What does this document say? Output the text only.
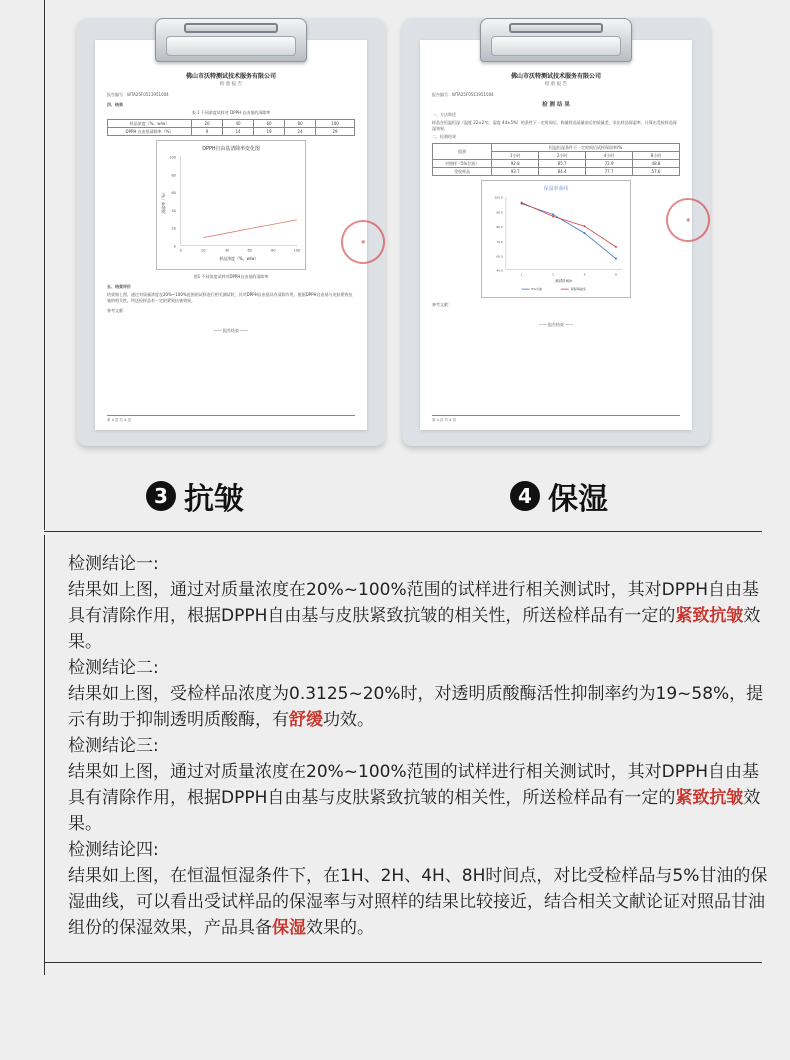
佛山市沃特测试技术服务有限公司
检 验 报 告
报告编号：WTA25F0511951004
四、结果
表 1 不同浓度试样对 DPPH 自由基的清除率
样品浓度（%，w/w）	20	40	60	80	100
DPPH 自由基清除率（%）	9	14	19	24	29
DPPH自由基清除率变化图
0
20
40
60
80
100
0	20	40	60	80	100
样品浓度（%，w/w）
清除率（%）
图1 不同浓度试样对DPPH自由基的清除率
五、结果评价
结果如上图，通过对质量浓度在20%~100%范围的试样进行相关测试时，其对DPPH自由基具有清除作用，根据DPPH自由基与皮肤紧致抗皱的相关性，所送检样品有一定的紧致抗皱效果。
参考文献：
—— 报告结束 ——
第 4 页 共 4 页
◉
佛山市沃特测试技术服务有限公司
检 验 报 告
报告编号：WTA25F0511951004
检 测 结 果
一、方法简述
样品在恒温恒湿（温度 22±2℃，湿度 44±5%）的条件下一定时间后，称量样品质量前后的质量差，求出样品保湿率，计算出受检样品保湿效果。
二、检测结果
组别	恒温恒湿条件下一定时间后试样保留率/%			
	1小时	2小时	4小时	8小时
对照样（5%甘油）	92.8	85.7	72.9	48.8
受检样品	93.7	84.4	77.7	57.6
保湿率曲线
100.0
90.0
80.0
70.0
60.0
40.0
1	2	4	8
测试时间/h
5%甘油	保湿率曲线
参考文献：
—— 报告结束 ——
第 4 页 共 4 页
◉
3 抗皱	4 保湿

检测结论一:

结果如上图，通过对质量浓度在20%~100%范围的试样进行相关测试时，其对DPPH自由基具有清除作用，根据DPPH自由基与皮肤紧致抗皱的相关性，所送检样品有一定的紧致抗皱效果。

检测结论二:

结果如上图，受检样品浓度为0.3125~20%时，对透明质酸酶活性抑制率约为19~58%，提示有助于抑制透明质酸酶，有舒缓功效。

检测结论三:

结果如上图，通过对质量浓度在20%~100%范围的试样进行相关测试时，其对DPPH自由基具有清除作用，根据DPPH自由基与皮肤紧致抗皱的相关性，所送检样品有一定的紧致抗皱效果。

检测结论四:

结果如上图，在恒温恒湿条件下，在1H、2H、4H、8H时间点，对比受检样品与5%甘油的保湿曲线，可以看出受试样品的保湿率与对照样的结果比较接近，结合相关文献论证对照品甘油组份的保湿效果，产品具备保湿效果的。
